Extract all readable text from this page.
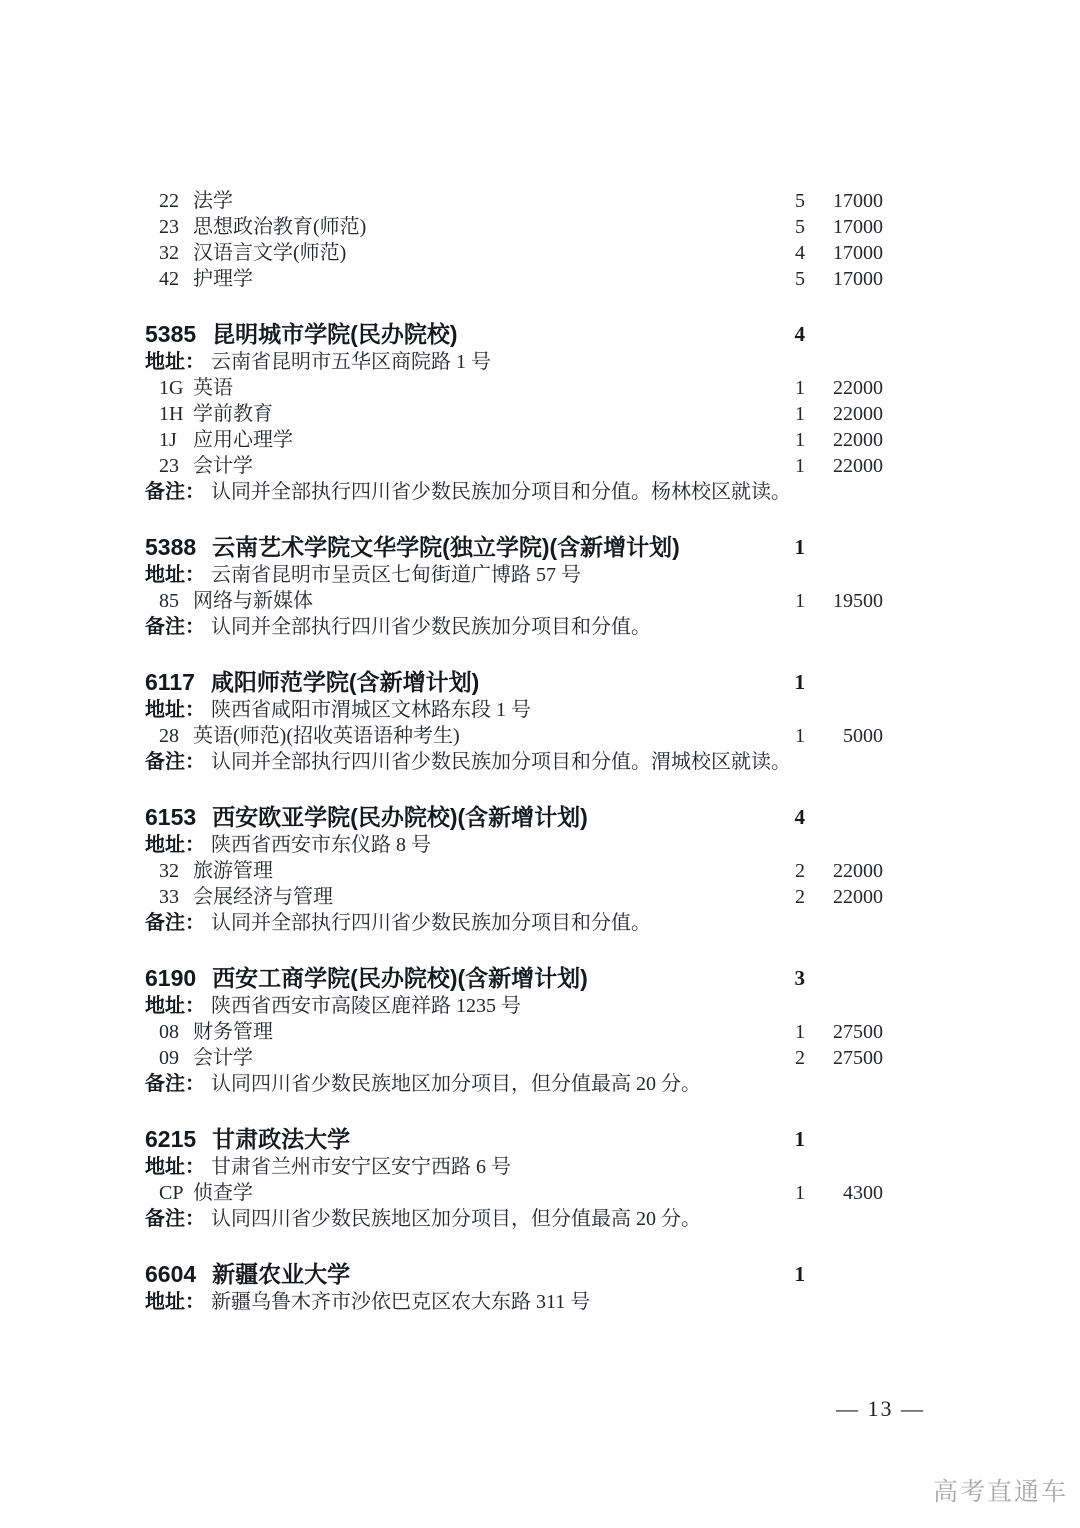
22 法学	5	17000
23 思想政治教育(师范)	5	17000
32 汉语言文学(师范)	4	17000
42 护理学	5	17000
5385 昆明城市学院(民办院校)	4
地址： 云南省昆明市五华区商院路 1 号
1G 英语	1	22000
1H 学前教育	1	22000
1J 应用心理学	1	22000
23 会计学	1	22000
备注： 认同并全部执行四川省少数民族加分项目和分值。杨林校区就读。
5388 云南艺术学院文华学院(独立学院)(含新增计划)	1
地址： 云南省昆明市呈贡区七甸街道广博路 57 号
85 网络与新媒体	1	19500
备注： 认同并全部执行四川省少数民族加分项目和分值。
6117 咸阳师范学院(含新增计划)	1
地址： 陕西省咸阳市渭城区文林路东段 1 号
28 英语(师范)(招收英语语种考生)	1	5000
备注： 认同并全部执行四川省少数民族加分项目和分值。渭城校区就读。
6153 西安欧亚学院(民办院校)(含新增计划)	4
地址： 陕西省西安市东仪路 8 号
32 旅游管理	2	22000
33 会展经济与管理	2	22000
备注： 认同并全部执行四川省少数民族加分项目和分值。
6190 西安工商学院(民办院校)(含新增计划)	3
地址： 陕西省西安市高陵区鹿祥路 1235 号
08 财务管理	1	27500
09 会计学	2	27500
备注： 认同四川省少数民族地区加分项目，但分值最高 20 分。
6215 甘肃政法大学	1
地址： 甘肃省兰州市安宁区安宁西路 6 号
CP 侦查学	1	4300
备注： 认同四川省少数民族地区加分项目，但分值最高 20 分。
6604 新疆农业大学	1
地址： 新疆乌鲁木齐市沙依巴克区农大东路 311 号
— 13 —
高考直通车
